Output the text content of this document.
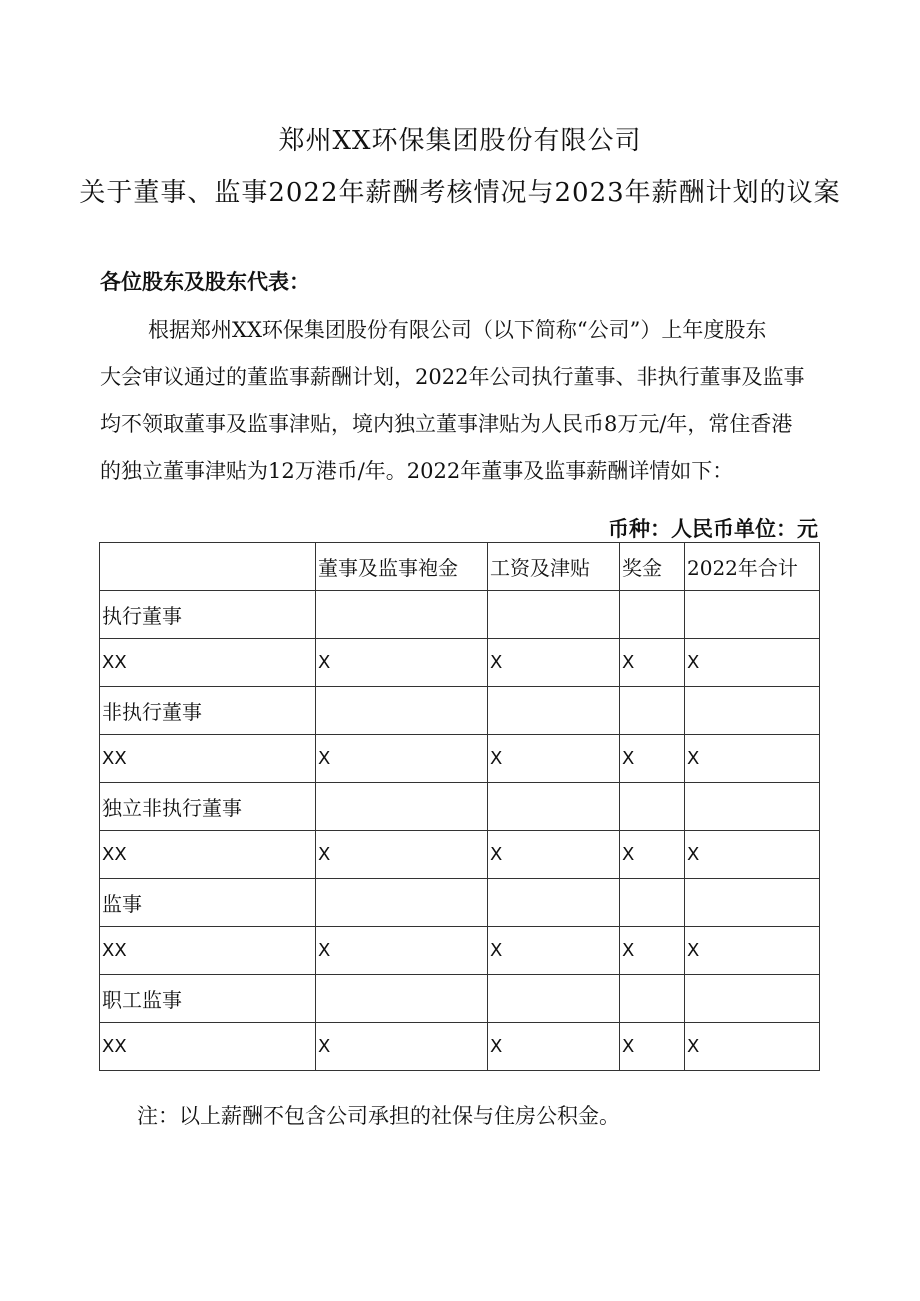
郑州XX环保集团股份有限公司
关于董事、监事2022年薪酬考核情况与2023年薪酬计划的议案
各位股东及股东代表：
根据郑州XX环保集团股份有限公司（以下简称“公司”）上年度股东
大会审议通过的董监事薪酬计划，2022年公司执行董事、非执行董事及监事
均不领取董事及监事津贴，境内独立董事津贴为人民币8万元/年，常住香港
的独立董事津贴为12万港币/年。2022年董事及监事薪酬详情如下：
币种：人民币单位：元
	董事及监事袍金	工资及津贴	奖金	2022年合计
执行董事				
XX	X	X	X	X
非执行董事				
XX	X	X	X	X
独立非执行董事				
XX	X	X	X	X
监事				
XX	X	X	X	X
职工监事				
XX	X	X	X	X
注：以上薪酬不包含公司承担的社保与住房公积金。
